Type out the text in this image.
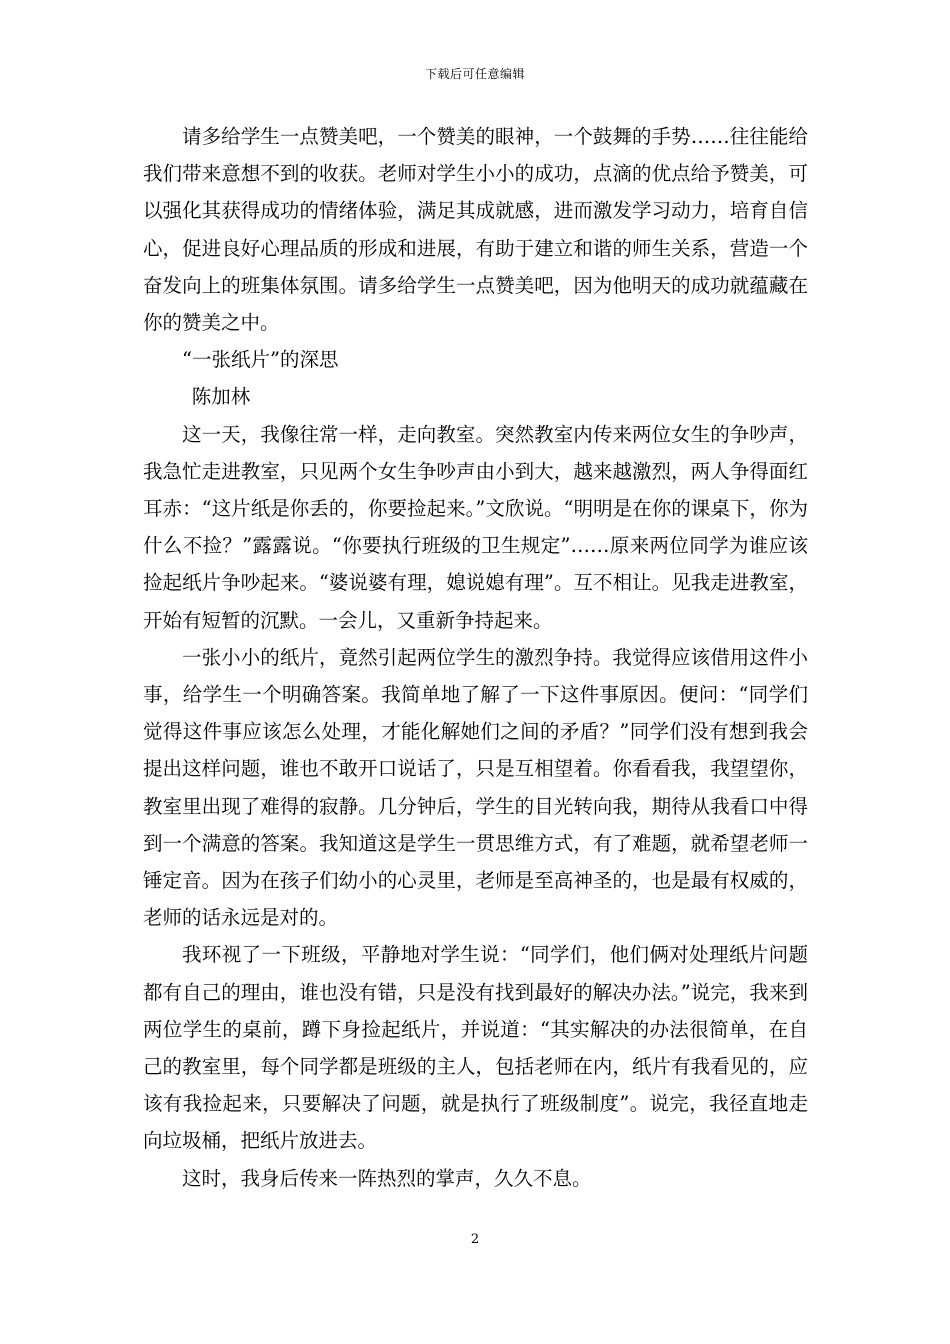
下载后可任意编辑

请多给学生一点赞美吧，一个赞美的眼神，一个鼓舞的手势……往往能给我们带来意想不到的收获。老师对学生小小的成功，点滴的优点给予赞美，可以强化其获得成功的情绪体验，满足其成就感，进而激发学习动力，培育自信心，促进良好心理品质的形成和进展，有助于建立和谐的师生关系，营造一个奋发向上的班集体氛围。请多给学生一点赞美吧，因为他明天的成功就蕴藏在你的赞美之中。

“一张纸片”的深思

陈加林

这一天，我像往常一样，走向教室。突然教室内传来两位女生的争吵声，我急忙走进教室，只见两个女生争吵声由小到大，越来越激烈，两人争得面红耳赤：“这片纸是你丢的，你要捡起来。”文欣说。“明明是在你的课桌下，你为什么不捡？”露露说。“你要执行班级的卫生规定”……原来两位同学为谁应该捡起纸片争吵起来。“婆说婆有理，媳说媳有理”。互不相让。见我走进教室，开始有短暂的沉默。一会儿，又重新争持起来。

一张小小的纸片，竟然引起两位学生的激烈争持。我觉得应该借用这件小事，给学生一个明确答案。我简单地了解了一下这件事原因。便问：“同学们觉得这件事应该怎么处理，才能化解她们之间的矛盾？”同学们没有想到我会提出这样问题，谁也不敢开口说话了，只是互相望着。你看看我，我望望你，教室里出现了难得的寂静。几分钟后，学生的目光转向我，期待从我看口中得到一个满意的答案。我知道这是学生一贯思维方式，有了难题，就希望老师一锤定音。因为在孩子们幼小的心灵里，老师是至高神圣的，也是最有权威的，老师的话永远是对的。

我环视了一下班级，平静地对学生说：“同学们，他们俩对处理纸片问题都有自己的理由，谁也没有错，只是没有找到最好的解决办法。”说完，我来到两位学生的桌前，蹲下身捡起纸片，并说道：“其实解决的办法很简单，在自己的教室里，每个同学都是班级的主人，包括老师在内，纸片有我看见的，应该有我捡起来，只要解决了问题，就是执行了班级制度”。说完，我径直地走向垃圾桶，把纸片放进去。

这时，我身后传来一阵热烈的掌声，久久不息。

2
